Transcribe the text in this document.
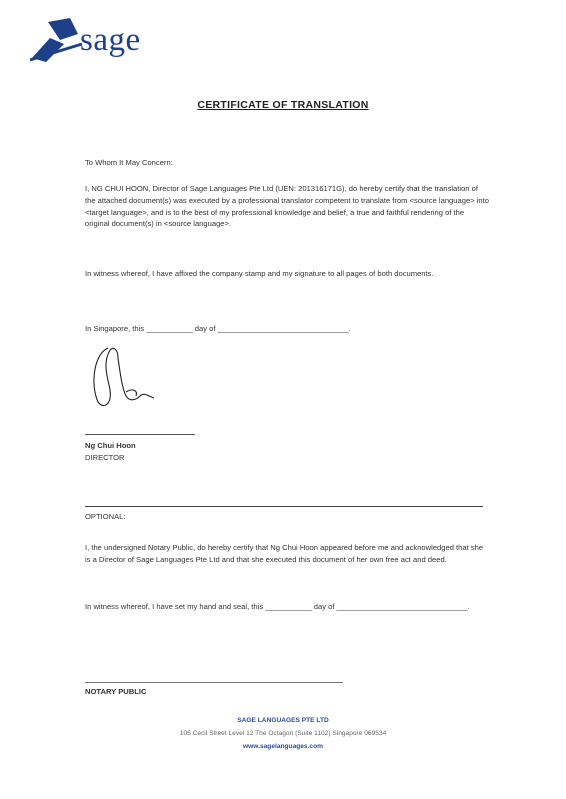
sage
CERTIFICATE OF TRANSLATION
To Whom It May Concern:
I, NG CHUI HOON, Director of Sage Languages Pte Ltd (UEN: 201316171G), do hereby certify that the translation of the attached document(s) was executed by a professional translator competent to translate from <source language> into <target language>, and is to the best of my professional knowledge and belief, a true and faithful rendering of the original document(s) in <source language>.
In witness whereof, I have affixed the company stamp and my signature to all pages of both documents.
In Singapore, this ___________ day of _______________________________.
Ng Chui Hoon
DIRECTOR
OPTIONAL:
I, the undersigned Notary Public, do hereby certify that Ng Chui Hoon appeared before me and acknowledged that she is a Director of Sage Languages Pte Ltd and that she executed this document of her own free act and deed.
In witness whereof, I have set my hand and seal, this ___________ day of _______________________________.
NOTARY PUBLIC
SAGE LANGUAGES PTE LTD
105 Cecil Street Level 12 The Octagon (Suite 1102) Singapore 069534
www.sagelanguages.com
